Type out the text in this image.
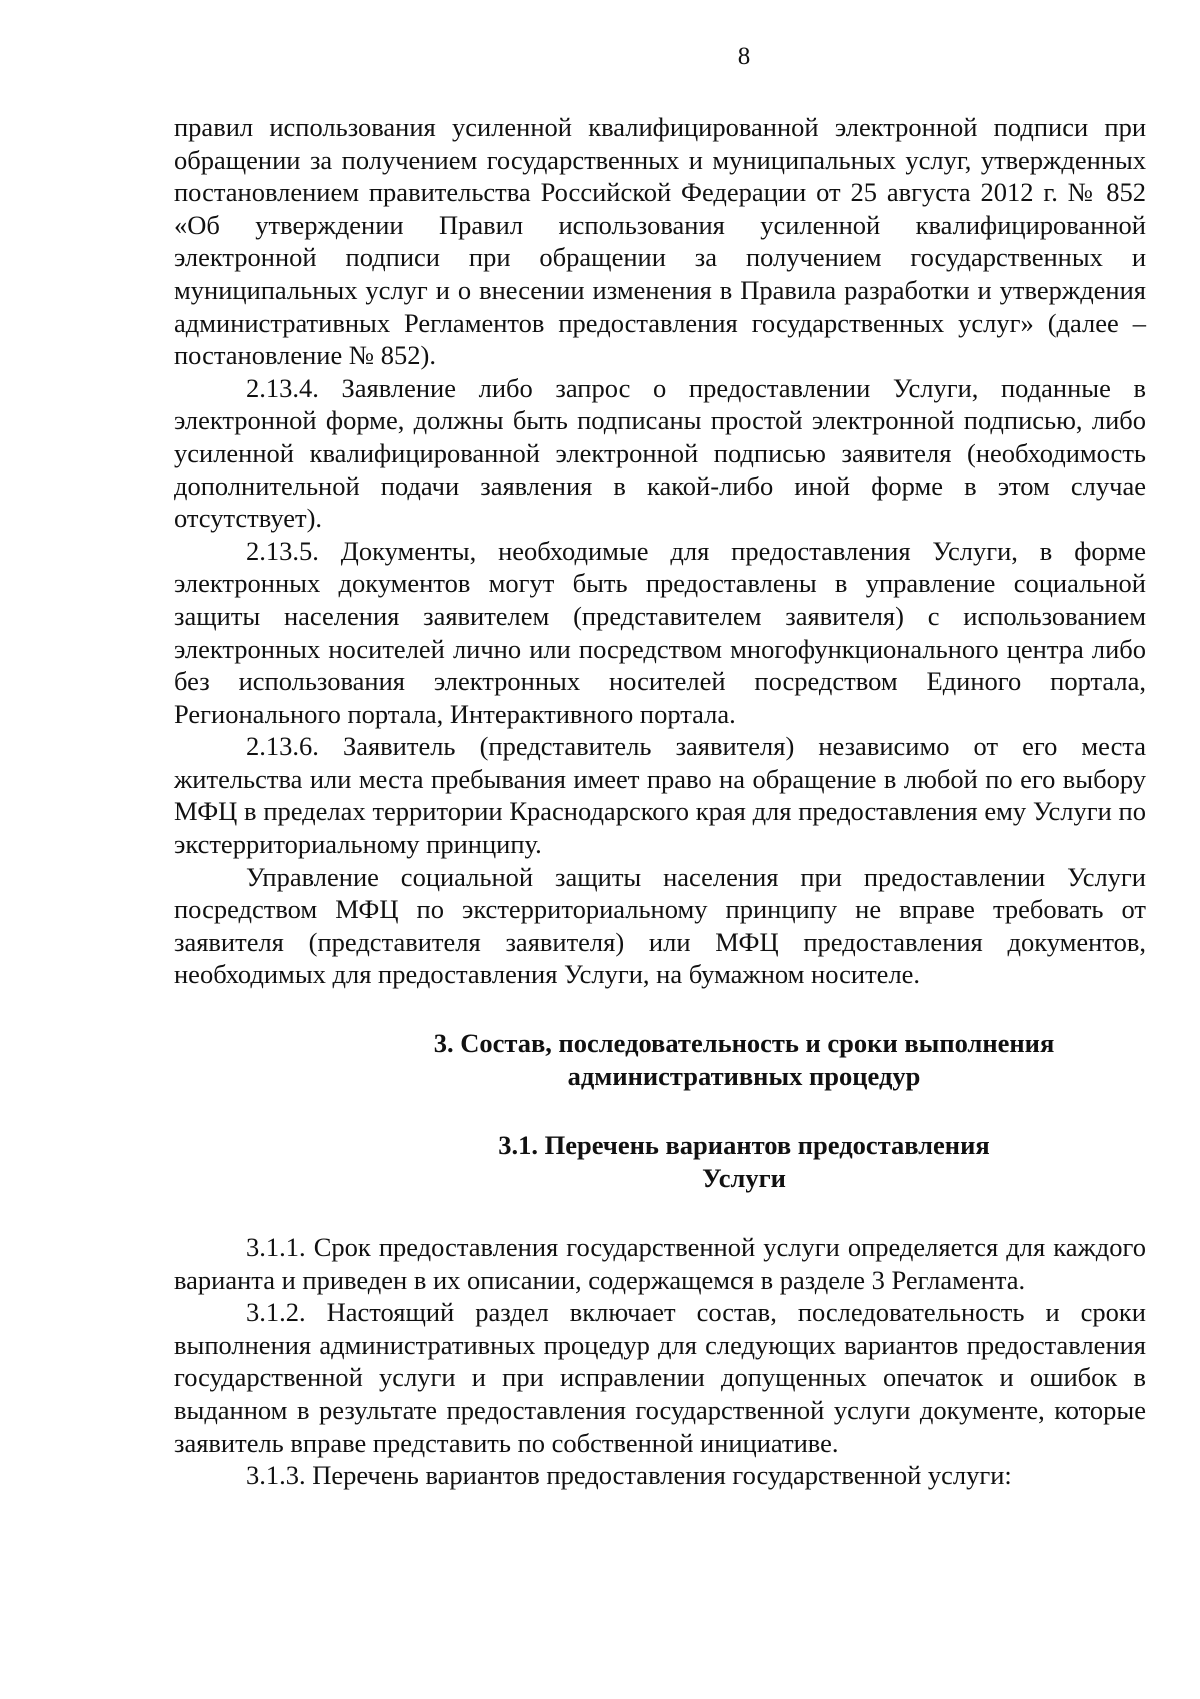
8

правил использования усиленной квалифицированной электронной подписи при обращении за получением государственных и муниципальных услуг, утвержденных постановлением правительства Российской Федерации от 25 августа 2012 г. № 852 «Об утверждении Правил использования усиленной квалифицированной электронной подписи при обращении за получением государственных и муниципальных услуг и о внесении изменения в Правила разработки и утверждения административных Регламентов предоставления государственных услуг» (далее – постановление № 852).

2.13.4. Заявление либо запрос о предоставлении Услуги, поданные в электронной форме, должны быть подписаны простой электронной подписью, либо усиленной квалифицированной электронной подписью заявителя (необходимость дополнительной подачи заявления в какой-либо иной форме в этом случае отсутствует).

2.13.5. Документы, необходимые для предоставления Услуги, в форме электронных документов могут быть предоставлены в управление социальной защиты населения заявителем (представителем заявителя) с использованием электронных носителей лично или посредством многофункционального центра либо без использования электронных носителей посредством Единого портала, Регионального портала, Интерактивного портала.

2.13.6. Заявитель (представитель заявителя) независимо от его места жительства или места пребывания имеет право на обращение в любой по его выбору МФЦ в пределах территории Краснодарского края для предоставления ему Услуги по экстерриториальному принципу.

Управление социальной защиты населения при предоставлении Услуги посредством МФЦ по экстерриториальному принципу не вправе требовать от заявителя (представителя заявителя) или МФЦ предоставления документов, необходимых для предоставления Услуги, на бумажном носителе.

3. Состав, последовательность и сроки выполнения
административных процедур
3.1. Перечень вариантов предоставления
Услуги

3.1.1. Срок предоставления государственной услуги определяется для каждого варианта и приведен в их описании, содержащемся в разделе 3 Регламента.

3.1.2. Настоящий раздел включает состав, последовательность и сроки выполнения административных процедур для следующих вариантов предоставления государственной услуги и при исправлении допущенных опечаток и ошибок в выданном в результате предоставления государственной услуги документе, которые заявитель вправе представить по собственной инициативе.

3.1.3. Перечень вариантов предоставления государственной услуги:
